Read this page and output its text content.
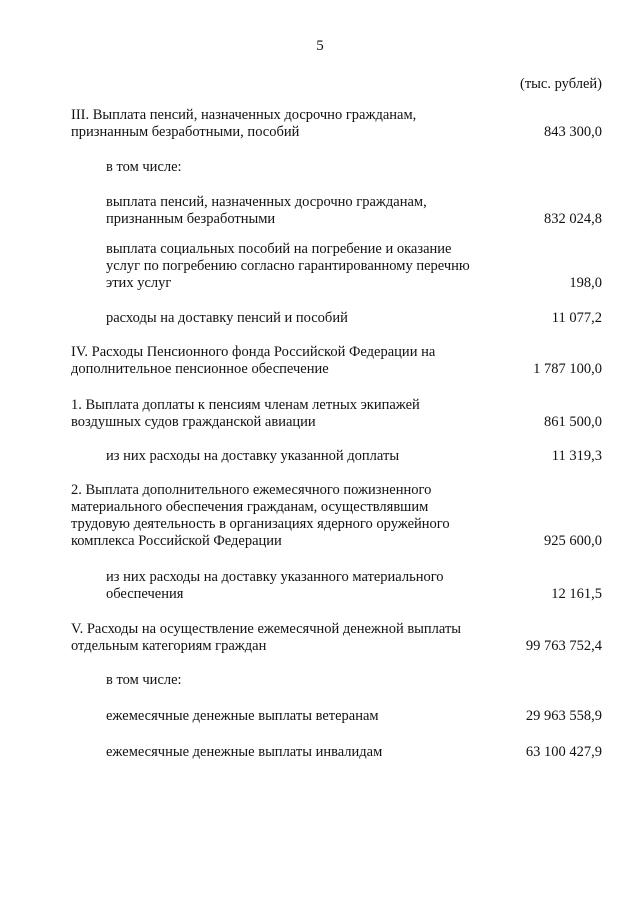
5
(тыс. рублей)
III. Выплата пенсий, назначенных досрочно гражданам,
признанным безработными, пособий	843 300,0
в том числе:
выплата пенсий, назначенных досрочно гражданам,
признанным безработными	832 024,8
выплата социальных пособий на погребение и оказание
услуг по погребению согласно гарантированному перечню
этих услуг	198,0
расходы на доставку пенсий и пособий	11 077,2
IV. Расходы Пенсионного фонда Российской Федерации на
дополнительное пенсионное обеспечение	1 787 100,0
1. Выплата доплаты к пенсиям членам летных экипажей
воздушных судов гражданской авиации	861 500,0
из них расходы на доставку указанной доплаты	11 319,3
2. Выплата дополнительного ежемесячного пожизненного
материального обеспечения гражданам, осуществлявшим
трудовую деятельность в организациях ядерного оружейного
комплекса Российской Федерации	925 600,0
из них расходы на доставку указанного материального
обеспечения	12 161,5
V. Расходы на осуществление ежемесячной денежной выплаты
отдельным категориям граждан	99 763 752,4
в том числе:
ежемесячные денежные выплаты ветеранам	29 963 558,9
ежемесячные денежные выплаты инвалидам	63 100 427,9
